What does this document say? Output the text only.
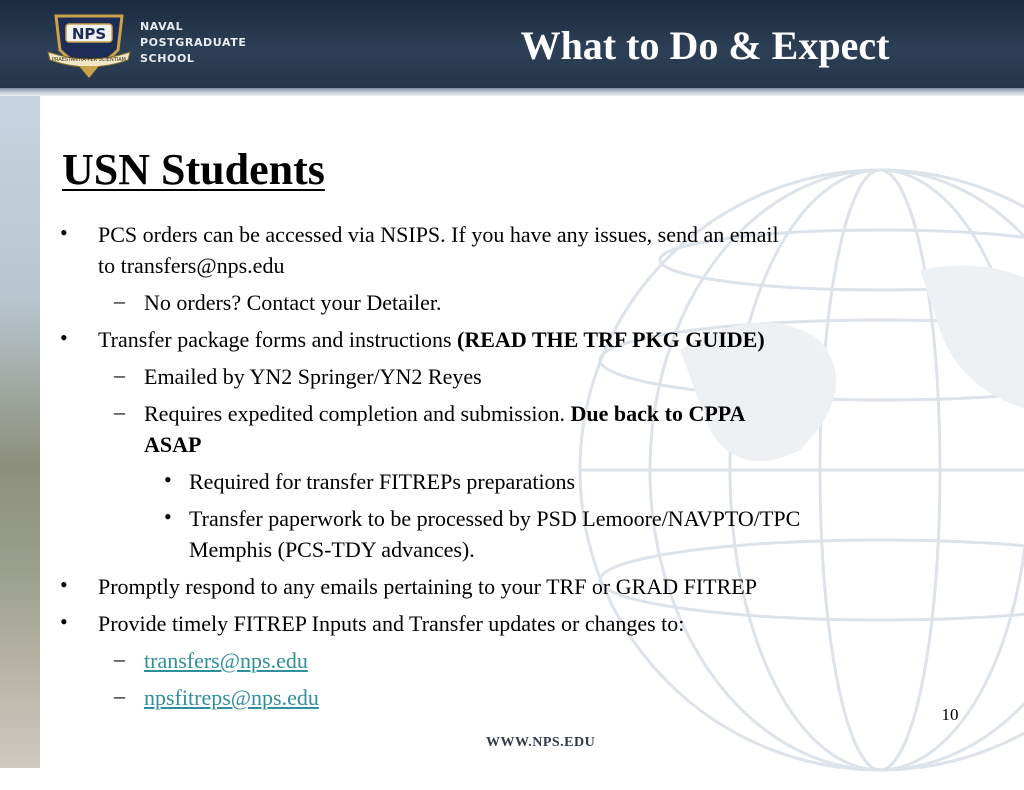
NPS
PRAESTANTIA PER SCIENTIAM
NAVAL
POSTGRADUATE
SCHOOL	What to Do & Expect
USN Students
• PCS orders can be accessed via NSIPS. If you have any issues, send an email
to transfers@nps.edu
– No orders? Contact your Detailer.
• Transfer package forms and instructions (READ THE TRF PKG GUIDE)
– Emailed by YN2 Springer/YN2 Reyes
– Requires expedited completion and submission. Due back to CPPA
ASAP
• Required for transfer FITREPs preparations
• Transfer paperwork to be processed by PSD Lemoore/NAVPTO/TPC
Memphis (PCS-TDY advances).
• Promptly respond to any emails pertaining to your TRF or GRAD FITREP
• Provide timely FITREP Inputs and Transfer updates or changes to:
– transfers@nps.edu
– npsfitreps@nps.edu
10
WWW.NPS.EDU
